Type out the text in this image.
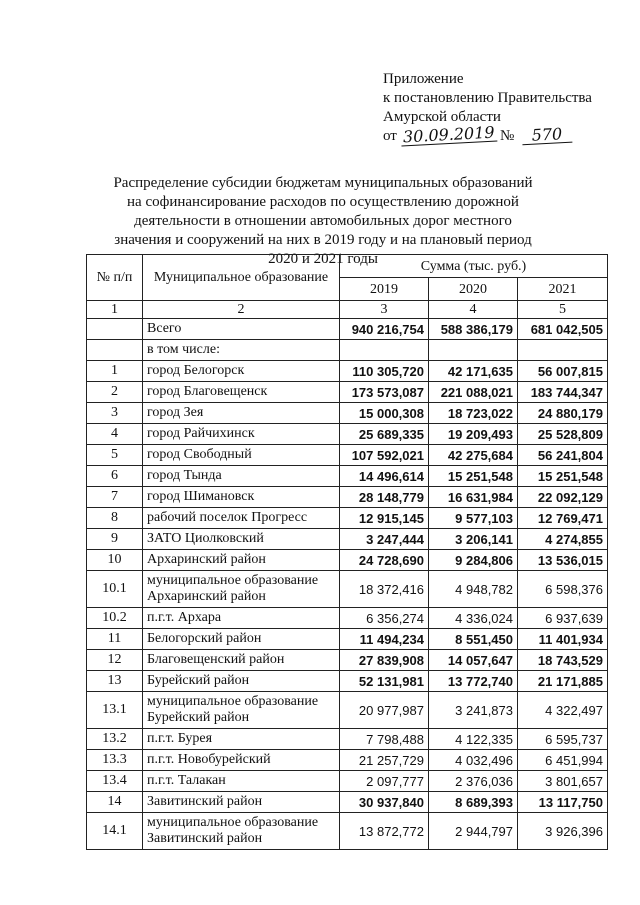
Приложение
к постановлению Правительства
Амурской области
от 30.09.2019 № 570
Распределение субсидии бюджетам муниципальных образований на софинансирование расходов по осуществлению дорожной деятельности в отношении автомобильных дорог местного значения и сооружений на них в 2019 году и на плановый период 2020 и 2021 годы
№ п/п	Муниципальное образование	Сумма (тыс. руб.)		
		2019	2020	2021
1	2	3	4	5
	Всего	940 216,754	588 386,179	681 042,505
	в том числе:			
1	город Белогорск	110 305,720	42 171,635	56 007,815
2	город Благовещенск	173 573,087	221 088,021	183 744,347
3	город Зея	15 000,308	18 723,022	24 880,179
4	город Райчихинск	25 689,335	19 209,493	25 528,809
5	город Свободный	107 592,021	42 275,684	56 241,804
6	город Тында	14 496,614	15 251,548	15 251,548
7	город Шимановск	28 148,779	16 631,984	22 092,129
8	рабочий поселок Прогресс	12 915,145	9 577,103	12 769,471
9	ЗАТО Циолковский	3 247,444	3 206,141	4 274,855
10	Архаринский район	24 728,690	9 284,806	13 536,015
10.1	муниципальное образование Архаринский район	18 372,416	4 948,782	6 598,376
10.2	п.г.т. Архара	6 356,274	4 336,024	6 937,639
11	Белогорский район	11 494,234	8 551,450	11 401,934
12	Благовещенский район	27 839,908	14 057,647	18 743,529
13	Бурейский район	52 131,981	13 772,740	21 171,885
13.1	муниципальное образование Бурейский район	20 977,987	3 241,873	4 322,497
13.2	п.г.т. Бурея	7 798,488	4 122,335	6 595,737
13.3	п.г.т. Новобурейский	21 257,729	4 032,496	6 451,994
13.4	п.г.т. Талакан	2 097,777	2 376,036	3 801,657
14	Завитинский район	30 937,840	8 689,393	13 117,750
14.1	муниципальное образование Завитинский район	13 872,772	2 944,797	3 926,396
